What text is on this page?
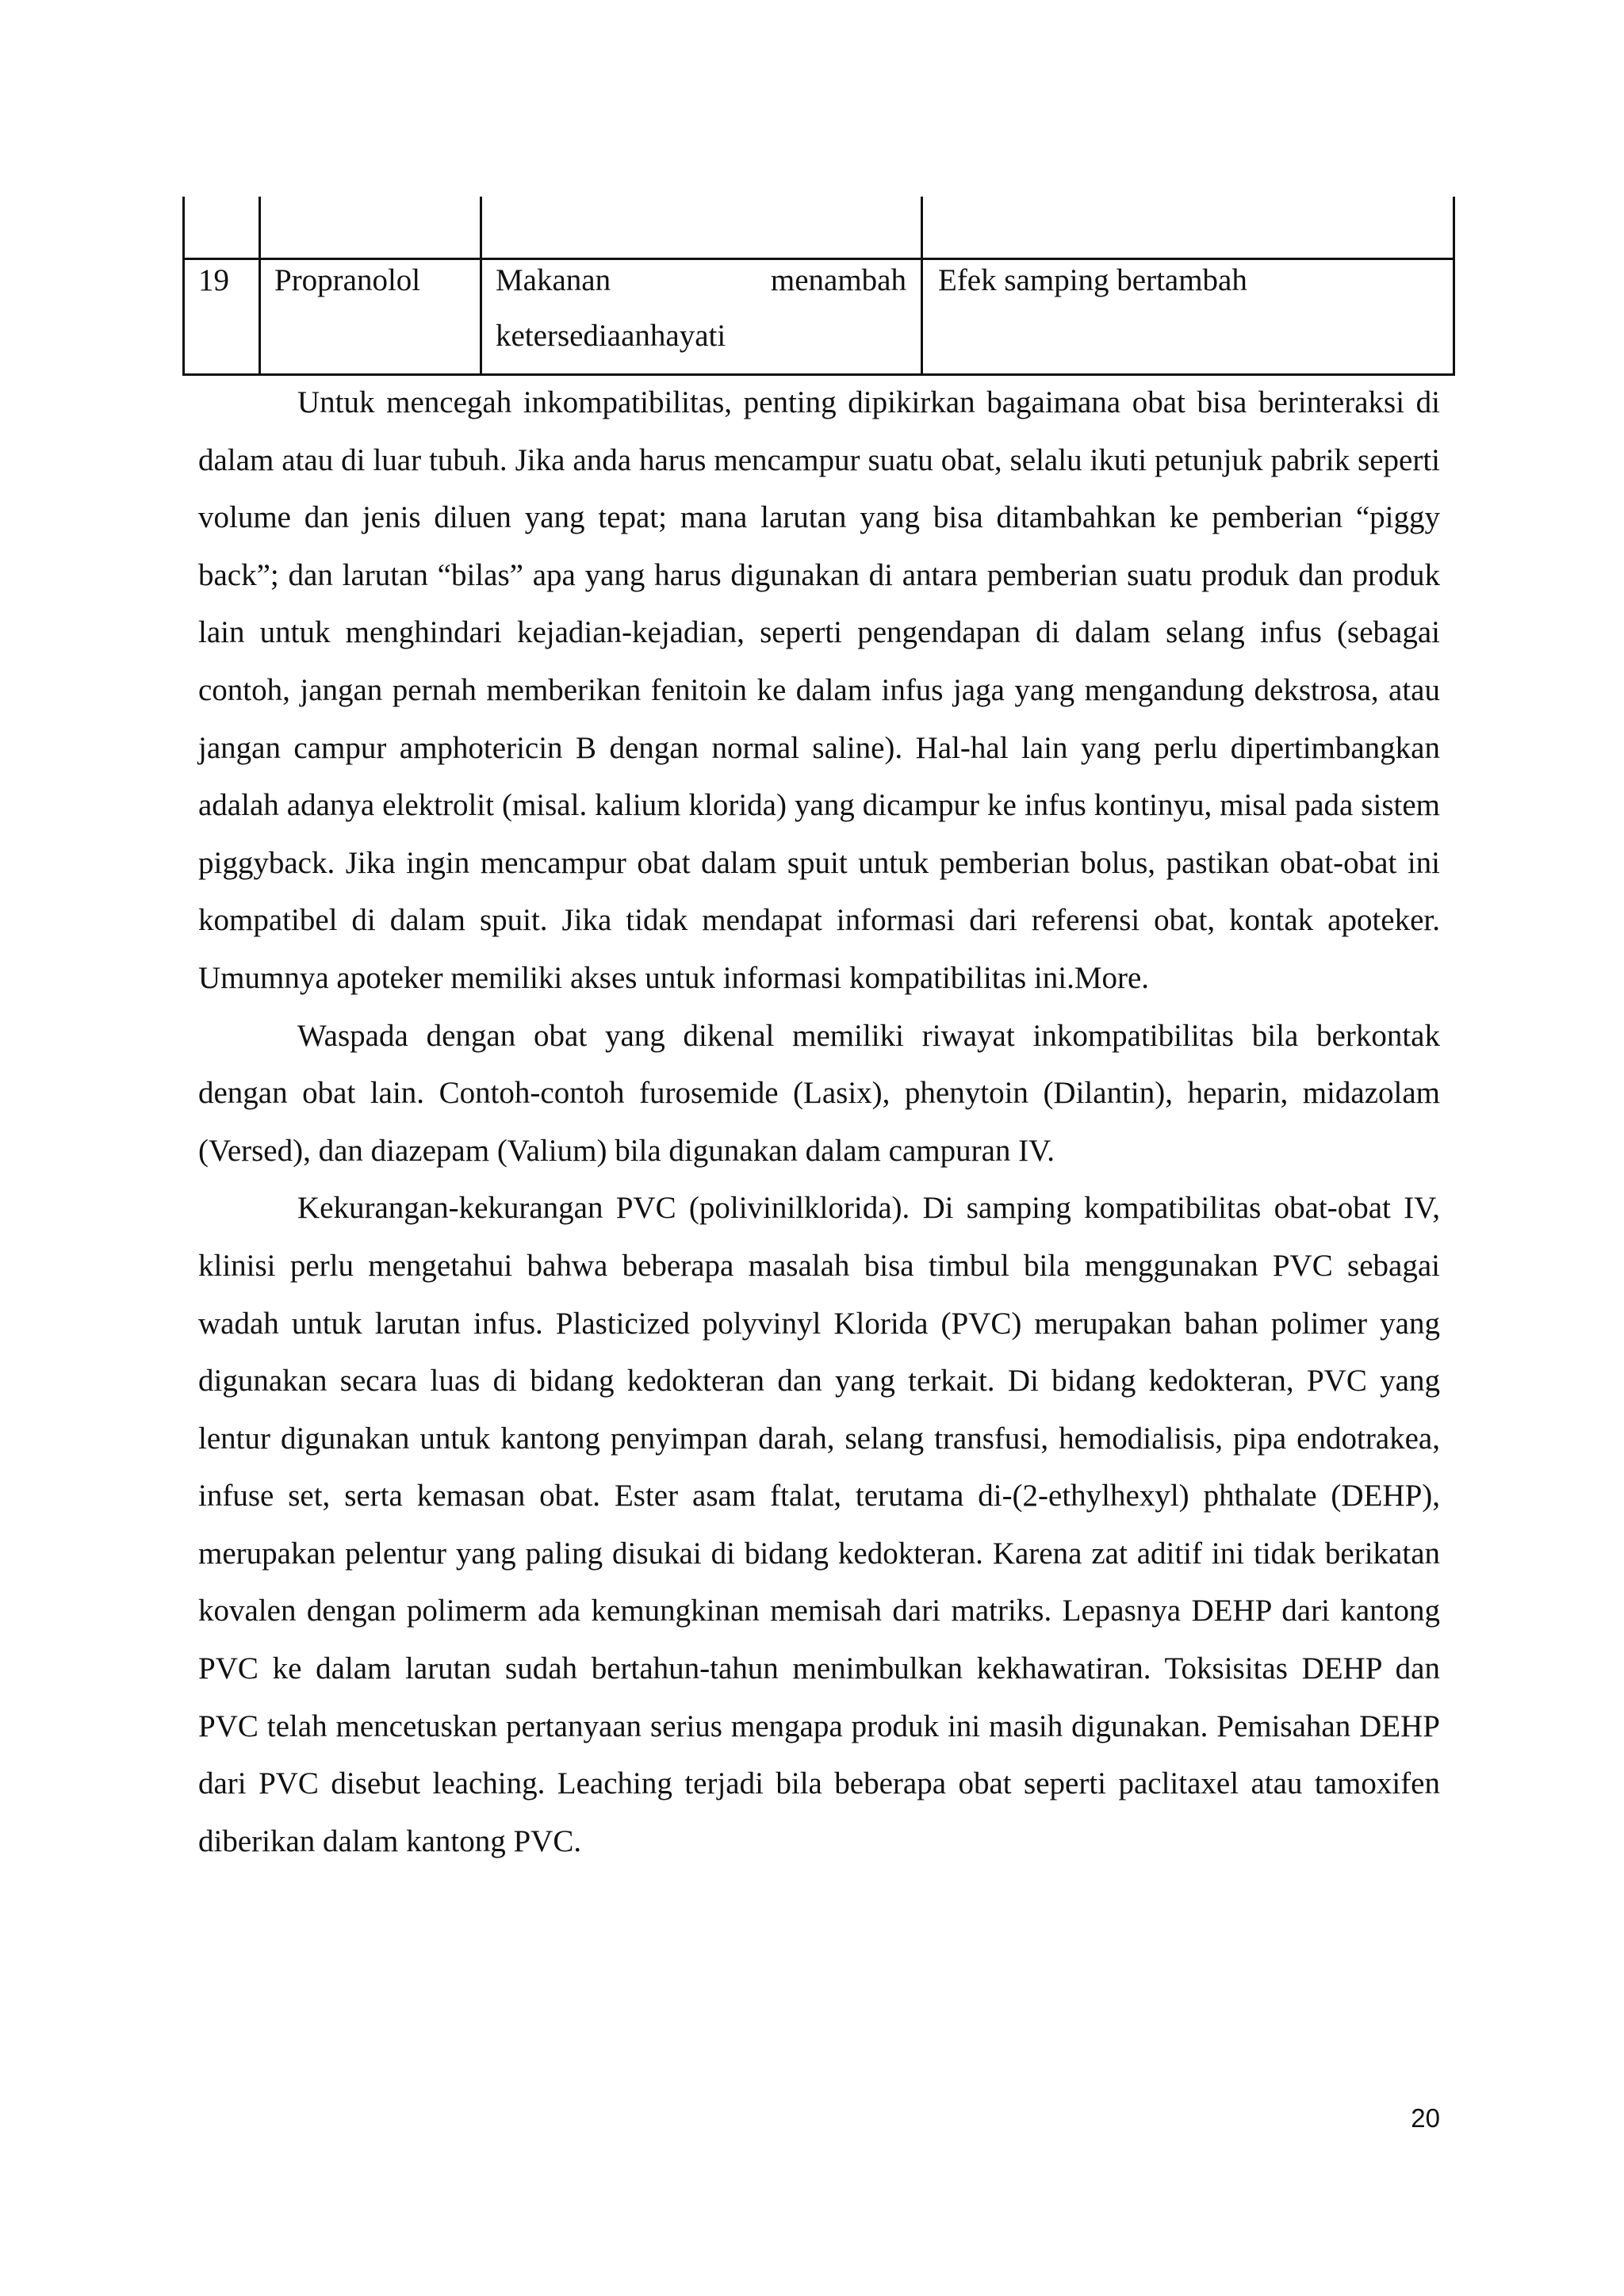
19 Propranolol Makanan	menambah
ketersediaanhayati
Efek samping bertambah

Untuk mencegah inkompatibilitas, penting dipikirkan bagaimana obat bisa berinteraksi di dalam atau di luar tubuh. Jika anda harus mencampur suatu obat, selalu ikuti petunjuk pabrik seperti volume dan jenis diluen yang tepat; mana larutan yang bisa ditambahkan ke pemberian “piggy back”; dan larutan “bilas” apa yang harus digunakan di antara pemberian suatu produk dan produk lain untuk menghindari kejadian-kejadian, seperti pengendapan di dalam selang infus (sebagai contoh, jangan pernah memberikan fenitoin ke dalam infus jaga yang mengandung dekstrosa, atau jangan campur amphotericin B dengan normal saline). Hal-hal lain yang perlu dipertimbangkan adalah adanya elektrolit (misal. kalium klorida) yang dicampur ke infus kontinyu, misal pada sistem piggyback. Jika ingin mencampur obat dalam spuit untuk pemberian bolus, pastikan obat-obat ini kompatibel di dalam spuit. Jika tidak mendapat informasi dari referensi obat, kontak apoteker. Umumnya apoteker memiliki akses untuk informasi kompatibilitas ini.More.

Waspada dengan obat yang dikenal memiliki riwayat inkompatibilitas bila berkontak dengan obat lain. Contoh-contoh furosemide (Lasix), phenytoin (Dilantin), heparin, midazolam (Versed), dan diazepam (Valium) bila digunakan dalam campuran IV.

Kekurangan-kekurangan PVC (polivinilklorida). Di samping kompatibilitas obat-obat IV, klinisi perlu mengetahui bahwa beberapa masalah bisa timbul bila menggunakan PVC sebagai wadah untuk larutan infus. Plasticized polyvinyl Klorida (PVC) merupakan bahan polimer yang digunakan secara luas di bidang kedokteran dan yang terkait. Di bidang kedokteran, PVC yang lentur digunakan untuk kantong penyimpan darah, selang transfusi, hemodialisis, pipa endotrakea, infuse set, serta kemasan obat. Ester asam ftalat, terutama di-(2-ethylhexyl) phthalate (DEHP), merupakan pelentur yang paling disukai di bidang kedokteran. Karena zat aditif ini tidak berikatan kovalen dengan polimerm ada kemungkinan memisah dari matriks. Lepasnya DEHP dari kantong PVC ke dalam larutan sudah bertahun-tahun menimbulkan kekhawatiran. Toksisitas DEHP dan PVC telah mencetuskan pertanyaan serius mengapa produk ini masih digunakan. Pemisahan DEHP dari PVC disebut leaching. Leaching terjadi bila beberapa obat seperti paclitaxel atau tamoxifen diberikan dalam kantong PVC.

20
